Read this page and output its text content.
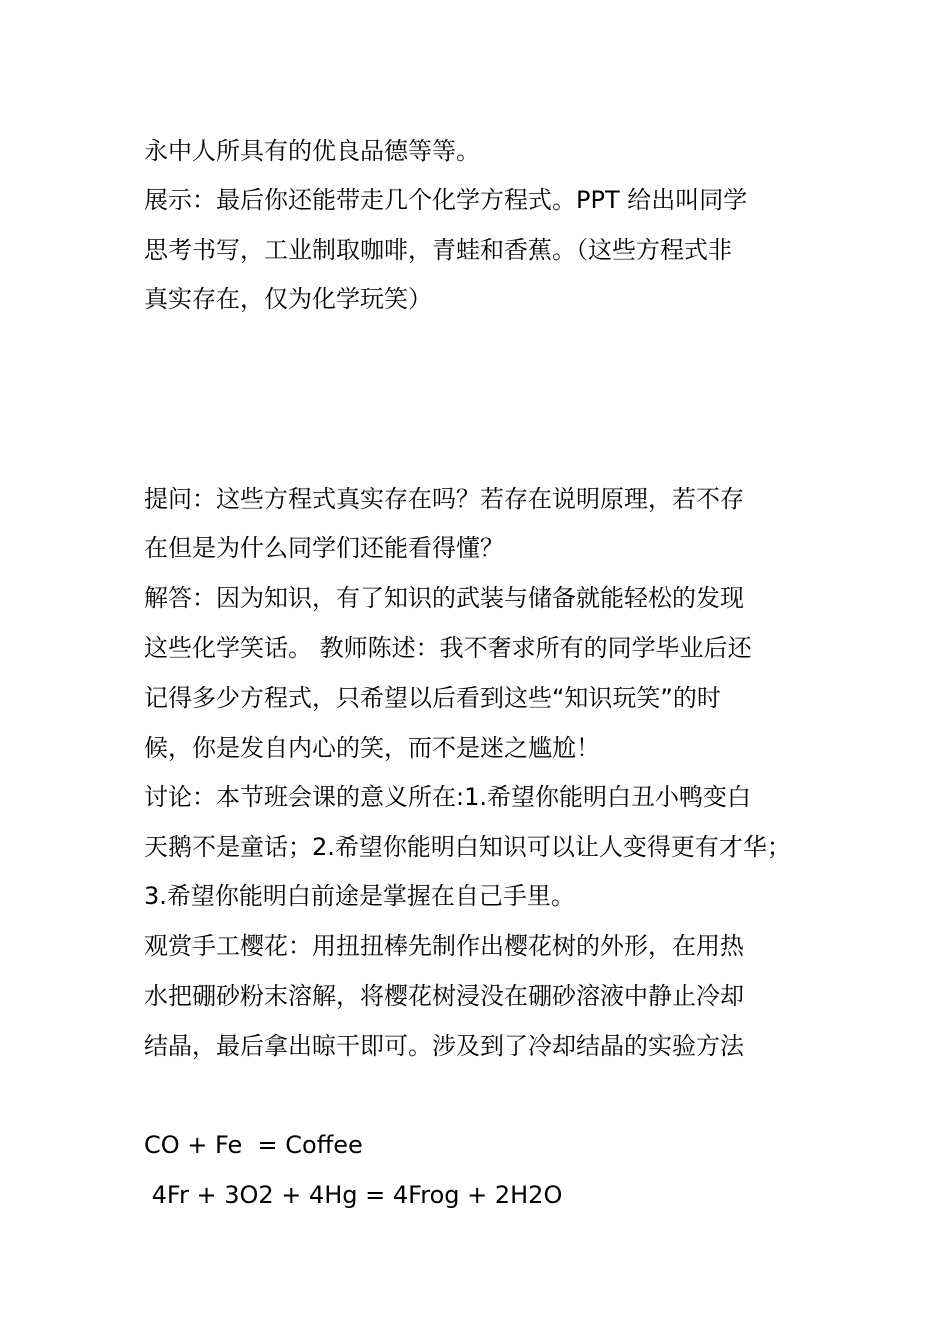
永中人所具有的优良品德等等。
展示：最后你还能带走几个化学方程式。PPT 给出叫同学
思考书写，工业制取咖啡，青蛙和香蕉。（这些方程式非
真实存在，仅为化学玩笑）
提问：这些方程式真实存在吗？若存在说明原理，若不存
在但是为什么同学们还能看得懂？
解答：因为知识，有了知识的武装与储备就能轻松的发现
这些化学笑话。 教师陈述：我不奢求所有的同学毕业后还
记得多少方程式，只希望以后看到这些“知识玩笑”的时
候，你是发自内心的笑，而不是迷之尴尬！
讨论：本节班会课的意义所在:1.希望你能明白丑小鸭变白
天鹅不是童话；2.希望你能明白知识可以让人变得更有才华；
3.希望你能明白前途是掌握在自己手里。
观赏手工樱花：用扭扭棒先制作出樱花树的外形，在用热
水把硼砂粉末溶解，将樱花树浸没在硼砂溶液中静止冷却
结晶，最后拿出晾干即可。涉及到了冷却结晶的实验方法
CO + Fe  = Coffee
4Fr + 3O2 + 4Hg = 4Frog + 2H2O
